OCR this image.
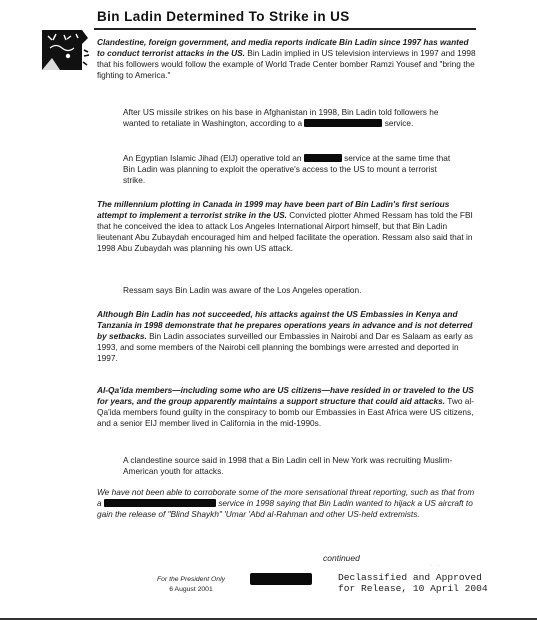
Bin Ladin Determined To Strike in US

Clandestine, foreign government, and media reports indicate Bin Ladin since 1997 has wanted to conduct terrorist attacks in the US. Bin Ladin implied in US television interviews in 1997 and 1998 that his followers would follow the example of World Trade Center bomber Ramzi Yousef and "bring the fighting to America."

After US missile strikes on his base in Afghanistan in 1998, Bin Ladin told followers he wanted to retaliate in Washington, according to a	service.

An Egyptian Islamic Jihad (EIJ) operative told an	service at the same time that Bin Ladin was planning to exploit the operative's access to the US to mount a terrorist strike.

The millennium plotting in Canada in 1999 may have been part of Bin Ladin's first serious attempt to implement a terrorist strike in the US. Convicted plotter Ahmed Ressam has told the FBI that he conceived the idea to attack Los Angeles International Airport himself, but that Bin Ladin lieutenant Abu Zubaydah encouraged him and helped facilitate the operation. Ressam also said that in 1998 Abu Zubaydah was planning his own US attack.

Ressam says Bin Ladin was aware of the Los Angeles operation.

Although Bin Ladin has not succeeded, his attacks against the US Embassies in Kenya and Tanzania in 1998 demonstrate that he prepares operations years in advance and is not deterred by setbacks. Bin Ladin associates surveilled our Embassies in Nairobi and Dar es Salaam as early as 1993, and some members of the Nairobi cell planning the bombings were arrested and deported in 1997.

Al-Qa'ida members—including some who are US citizens—have resided in or traveled to the US for years, and the group apparently maintains a support structure that could aid attacks. Two al-Qa'ida members found guilty in the conspiracy to bomb our Embassies in East Africa were US citizens, and a senior EIJ member lived in California in the mid-1990s.

A clandestine source said in 1998 that a Bin Ladin cell in New York was recruiting Muslim-American youth for attacks.

We have not been able to corroborate some of the more sensational threat reporting, such as that from a	service in 1998 saying that Bin Ladin wanted to hijack a US aircraft to gain the release of "Blind Shaykh" 'Umar 'Abd al-Rahman and other US-held extremists.

continued
· ·
For the President Only
6 August 2001
Declassified and Approved
for Release, 10 April 2004
